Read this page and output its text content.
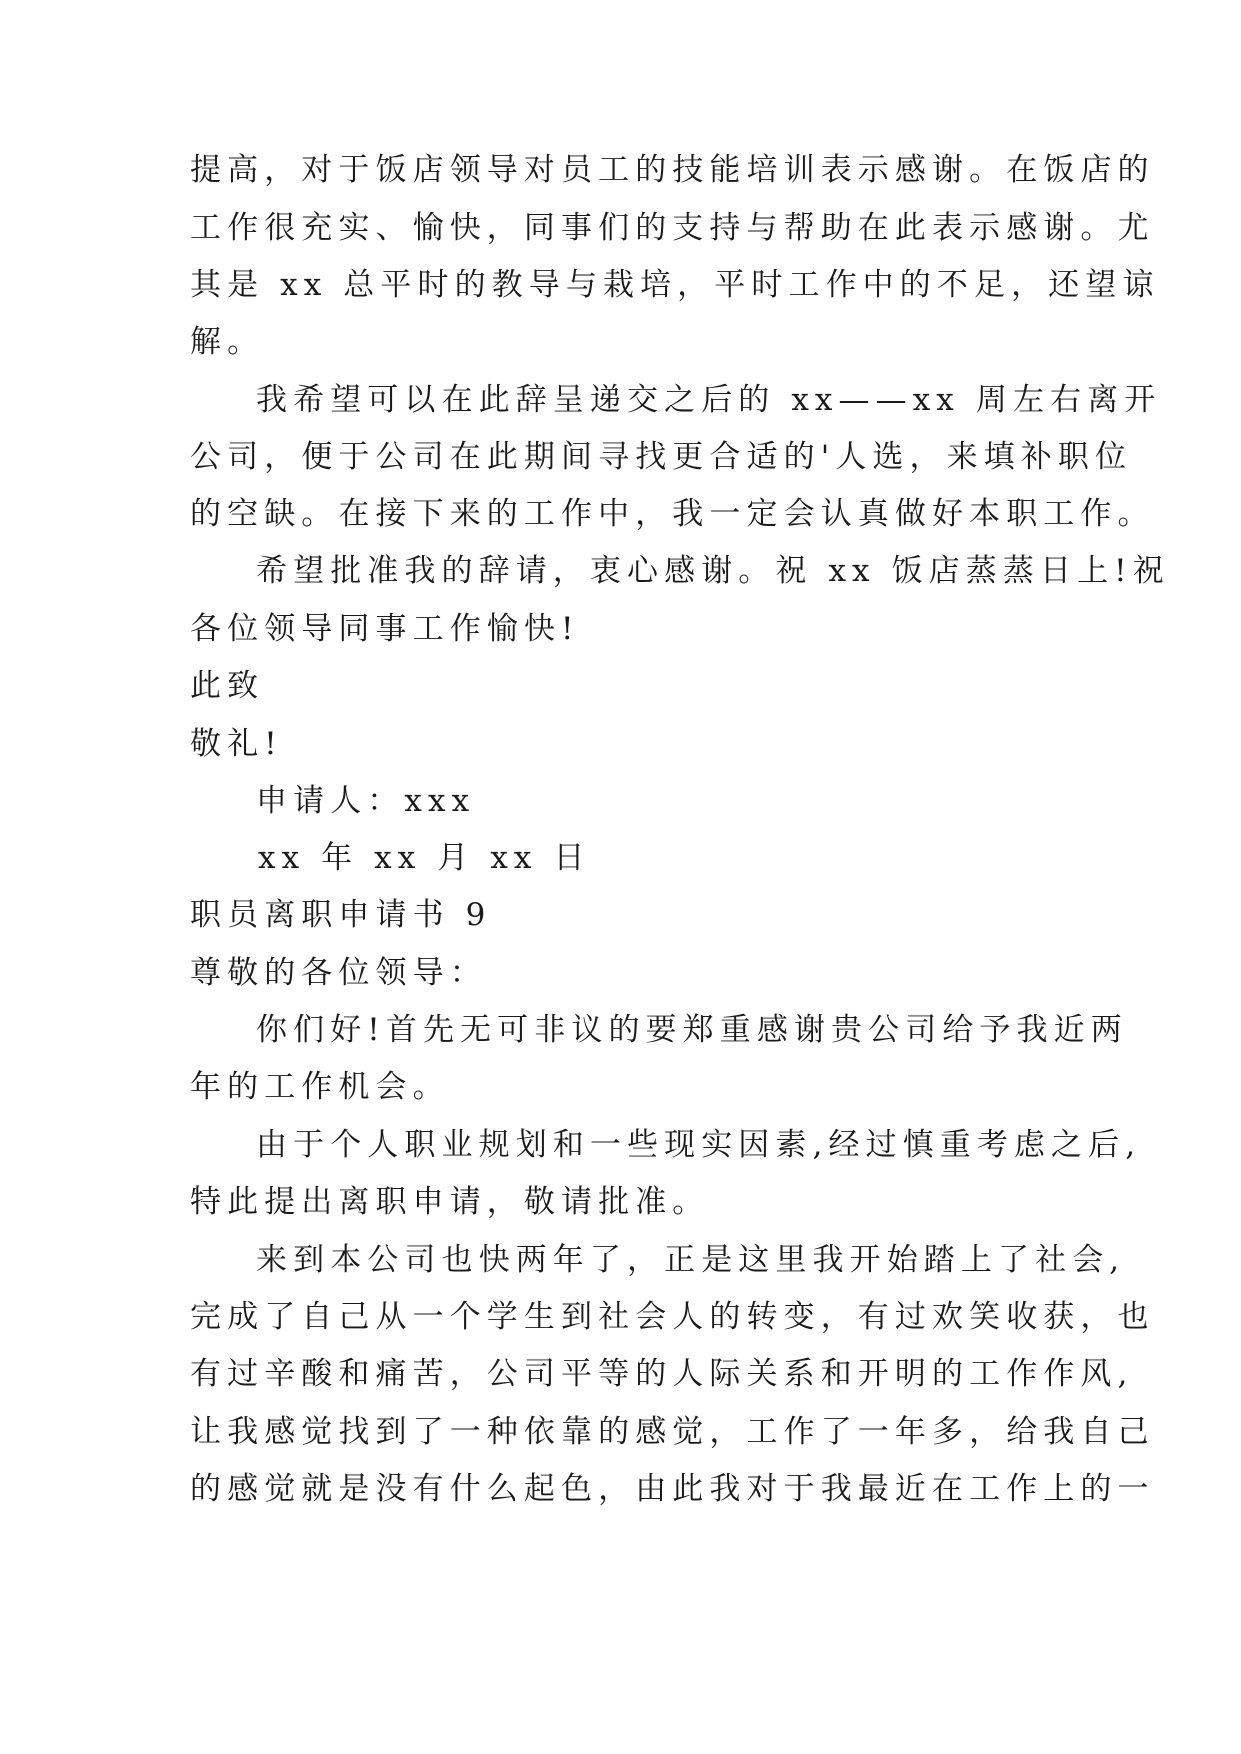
提高，对于饭店领导对员工的技能培训表示感谢。在饭店的
工作很充实、愉快，同事们的支持与帮助在此表示感谢。尤
其是 xx 总平时的教导与栽培，平时工作中的不足，还望谅
解。
我希望可以在此辞呈递交之后的 xx——xx 周左右离开
公司，便于公司在此期间寻找更合适的'人选，来填补职位
的空缺。在接下来的工作中，我一定会认真做好本职工作。
希望批准我的辞请，衷心感谢。祝 xx 饭店蒸蒸日上!祝
各位领导同事工作愉快!
此致
敬礼!
申请人：xxx
xx 年 xx 月 xx 日
职员离职申请书 9
尊敬的各位领导：
你们好!首先无可非议的要郑重感谢贵公司给予我近两
年的工作机会。
由于个人职业规划和一些现实因素,经过慎重考虑之后,
特此提出离职申请，敬请批准。
来到本公司也快两年了，正是这里我开始踏上了社会,
完成了自己从一个学生到社会人的转变，有过欢笑收获，也
有过辛酸和痛苦，公司平等的人际关系和开明的工作作风,
让我感觉找到了一种依靠的感觉，工作了一年多，给我自己
的感觉就是没有什么起色，由此我对于我最近在工作上的一
